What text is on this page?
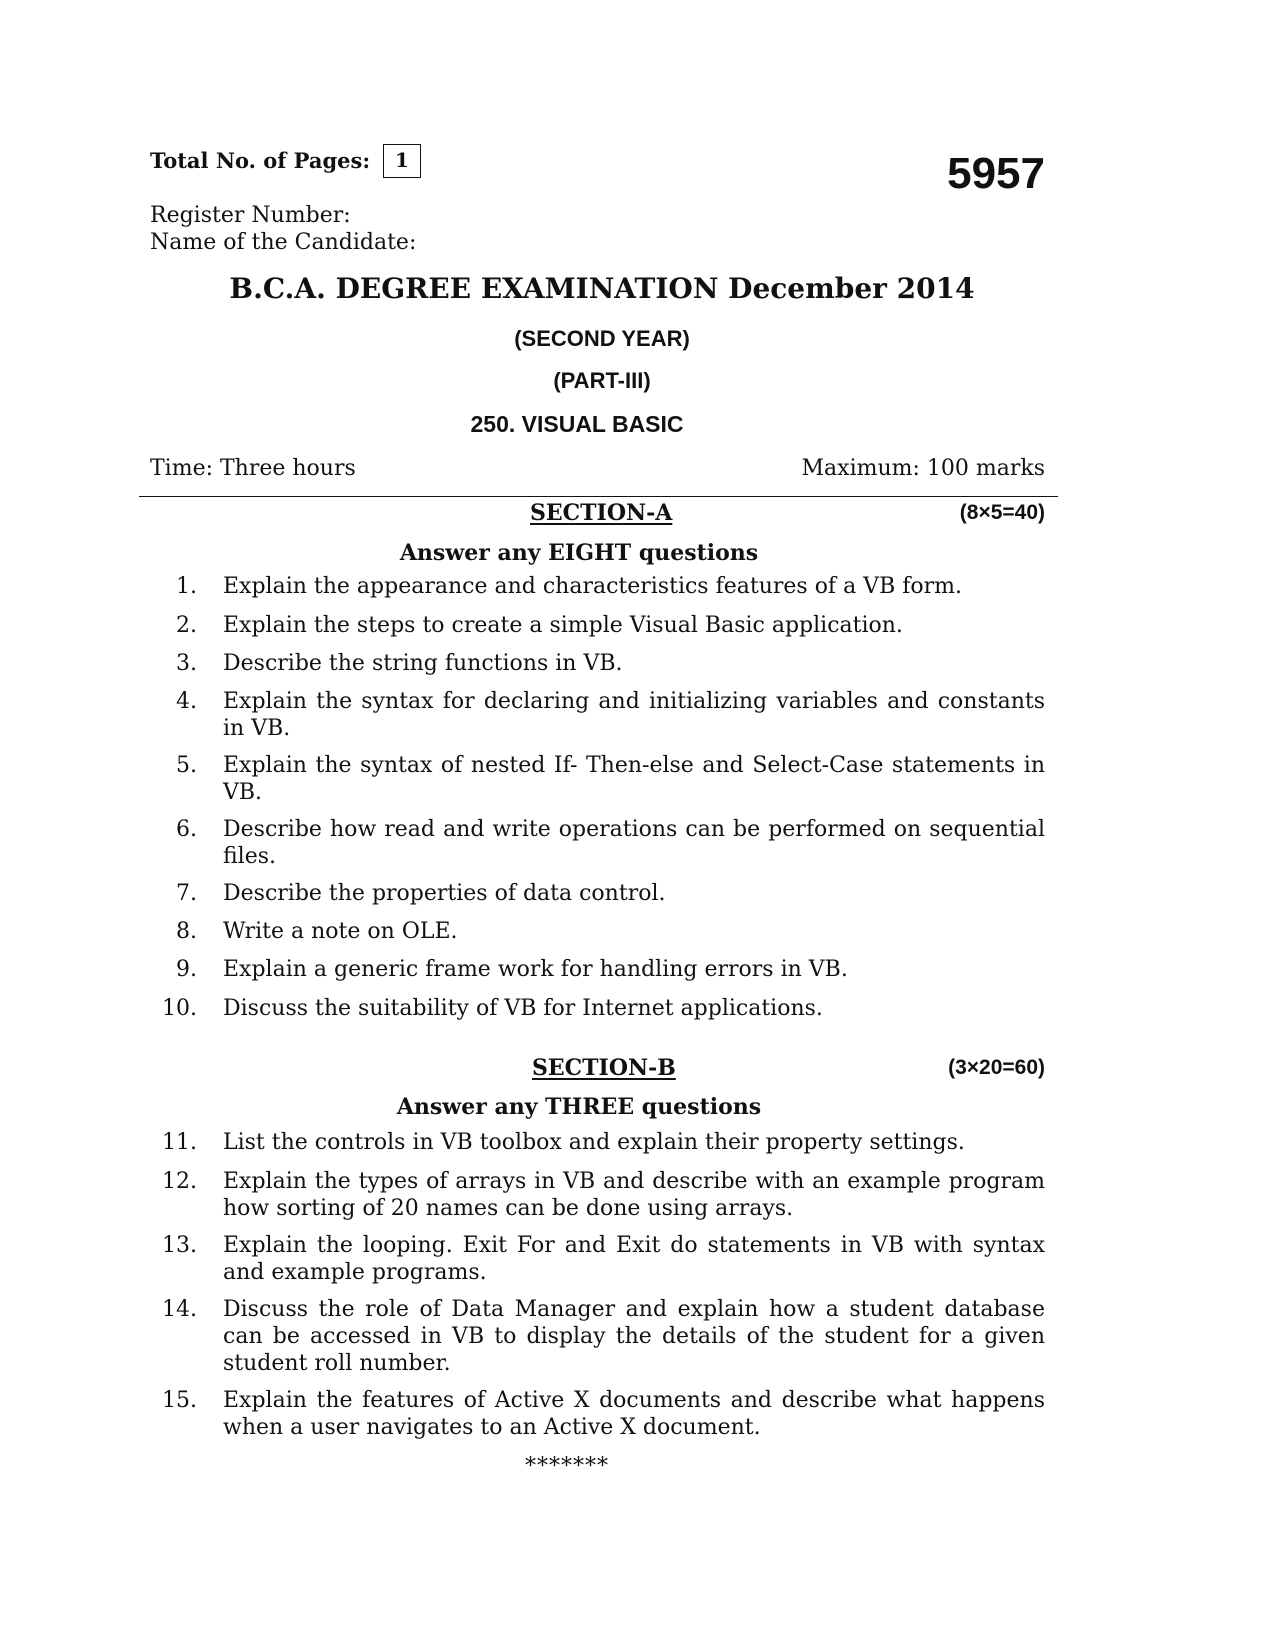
Total No. of Pages:	1	5957
Register Number:
Name of the Candidate:
B.C.A. DEGREE EXAMINATION December 2014
(SECOND YEAR)
(PART-III)
250. VISUAL BASIC
Time: Three hours	Maximum: 100 marks
SECTION-A	(8×5=40)
Answer any EIGHT questions
1. Explain the appearance and characteristics features of a VB form.
2. Explain the steps to create a simple Visual Basic application.
3. Describe the string functions in VB.
4. Explain the syntax for declaring and initializing variables and constants in VB.
5. Explain the syntax of nested If- Then-else and Select-Case statements in VB.
6. Describe how read and write operations can be performed on sequential files.
7. Describe the properties of data control.
8. Write a note on OLE.
9. Explain a generic frame work for handling errors in VB.
10. Discuss the suitability of VB for Internet applications.
SECTION-B	(3×20=60)
Answer any THREE questions
11. List the controls in VB toolbox and explain their property settings.
12. Explain the types of arrays in VB and describe with an example program how sorting of 20 names can be done using arrays.
13. Explain the looping. Exit For and Exit do statements in VB with syntax and example programs.
14. Discuss the role of Data Manager and explain how a student database can be accessed in VB to display the details of the student for a given student roll number.
15. Explain the features of Active X documents and describe what happens when a user navigates to an Active X document.
*******
